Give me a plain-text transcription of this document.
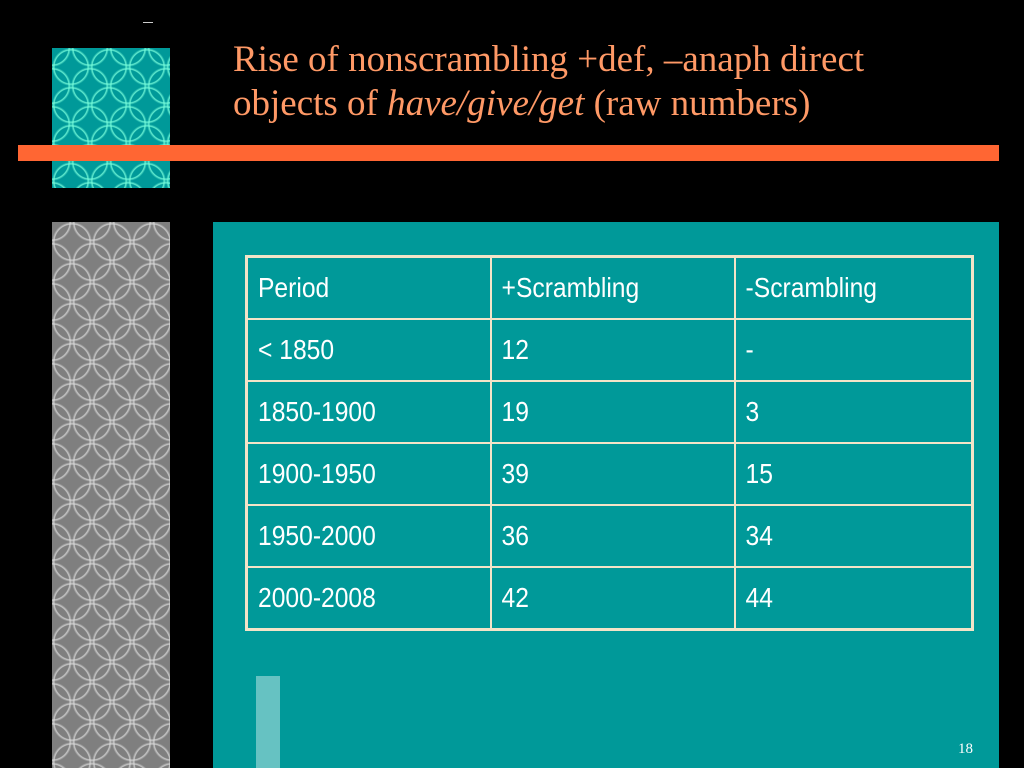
Rise of nonscrambling +def, –anaph direct
objects of have/give/get (raw numbers)
Period	+Scrambling	-Scrambling
< 1850	12	-
1850-1900	19	3
1900-1950	39	15
1950-2000	36	34
2000-2008	42	44
18
